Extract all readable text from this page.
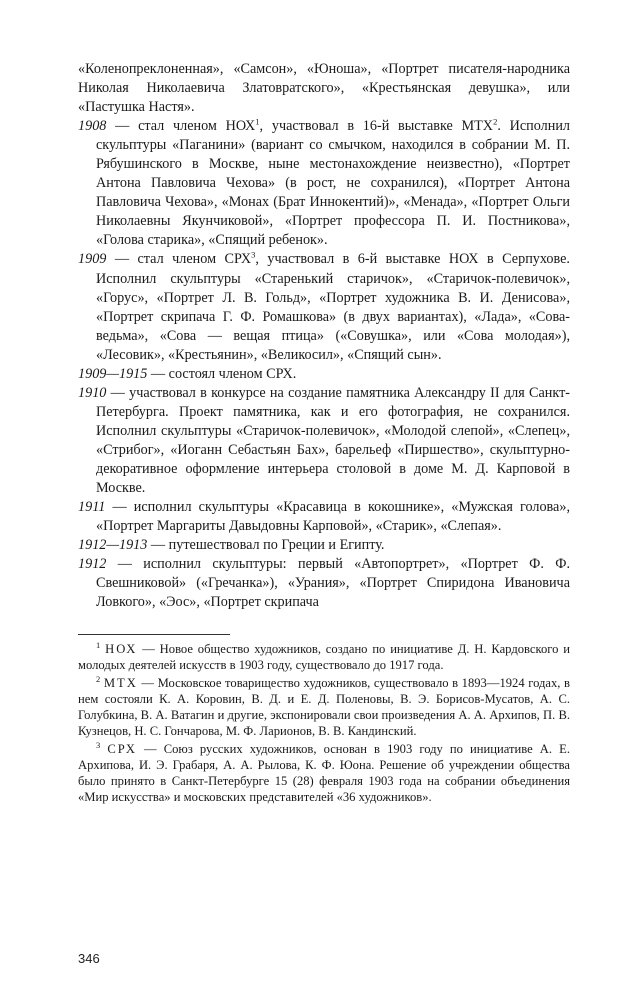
«Коленопреклоненная», «Самсон», «Юноша», «Портрет писателя-народника Николая Николаевича Златовратского», «Крестьянская девушка», или «Пастушка Настя».

1908 — стал членом НОХ$^1$, участвовал в 16-й выставке МТХ$^2$. Исполнил скульптуры «Паганини» (вариант со смычком, находился в собрании М. П. Рябушинского в Москве, ныне местонахождение неизвестно), «Портрет Антона Павловича Чехова» (в рост, не сохранился), «Портрет Антона Павловича Чехова», «Монах (Брат Иннокентий)», «Менада», «Портрет Ольги Николаевны Якунчиковой», «Портрет профессора П. И. Постникова», «Голова старика», «Спящий ребенок».

1909 — стал членом СРХ$^3$, участвовал в 6-й выставке НОХ в Серпухове. Исполнил скульптуры «Старенький старичок», «Старичок-полевичок», «Горус», «Портрет Л. В. Гольд», «Портрет художника В. И. Денисова», «Портрет скрипача Г. Ф. Ромашкова» (в двух вариантах), «Лада», «Сова-ведьма», «Сова — вещая птица» («Совушка», или «Сова молодая»), «Лесовик», «Крестьянин», «Великосил», «Спящий сын».

1909—1915 — состоял членом СРХ.

1910 — участвовал в конкурсе на создание памятника Александру II для Санкт-Петербурга. Проект памятника, как и его фотография, не сохранился. Исполнил скульптуры «Старичок-полевичок», «Молодой слепой», «Слепец», «Стрибог», «Иоганн Себастьян Бах», барельеф «Пиршество», скульптурно-декоративное оформление интерьера столовой в доме М. Д. Карповой в Москве.

1911 — исполнил скульптуры «Красавица в кокошнике», «Мужская голова», «Портрет Маргариты Давыдовны Карповой», «Старик», «Слепая».

1912—1913 — путешествовал по Греции и Египту.

1912 — исполнил скульптуры: первый «Автопортрет», «Портрет Ф. Ф. Свешниковой» («Гречанка»), «Урания», «Портрет Спиридона Ивановича Ловкого», «Эос», «Портрет скрипача

$^1$ НОХ — Новое общество художников, создано по инициативе Д. Н. Кардовского и молодых деятелей искусств в 1903 году, существовало до 1917 года.

$^2$ МТХ — Московское товарищество художников, существовало в 1893—1924 годах, в нем состояли К. А. Коровин, В. Д. и Е. Д. Поленовы, В. Э. Борисов-Мусатов, А. С. Голубкина, В. А. Ватагин и другие, экспонировали свои произведения А. А. Архипов, П. В. Кузнецов, Н. С. Гончарова, М. Ф. Ларионов, В. В. Кандинский.

$^3$ СРХ — Союз русских художников, основан в 1903 году по инициативе А. Е. Архипова, И. Э. Грабаря, А. А. Рылова, К. Ф. Юона. Решение об учреждении общества было принято в Санкт-Петербурге 15 (28) февраля 1903 года на собрании объединения «Мир искусства» и московских представителей «36 художников».

346
